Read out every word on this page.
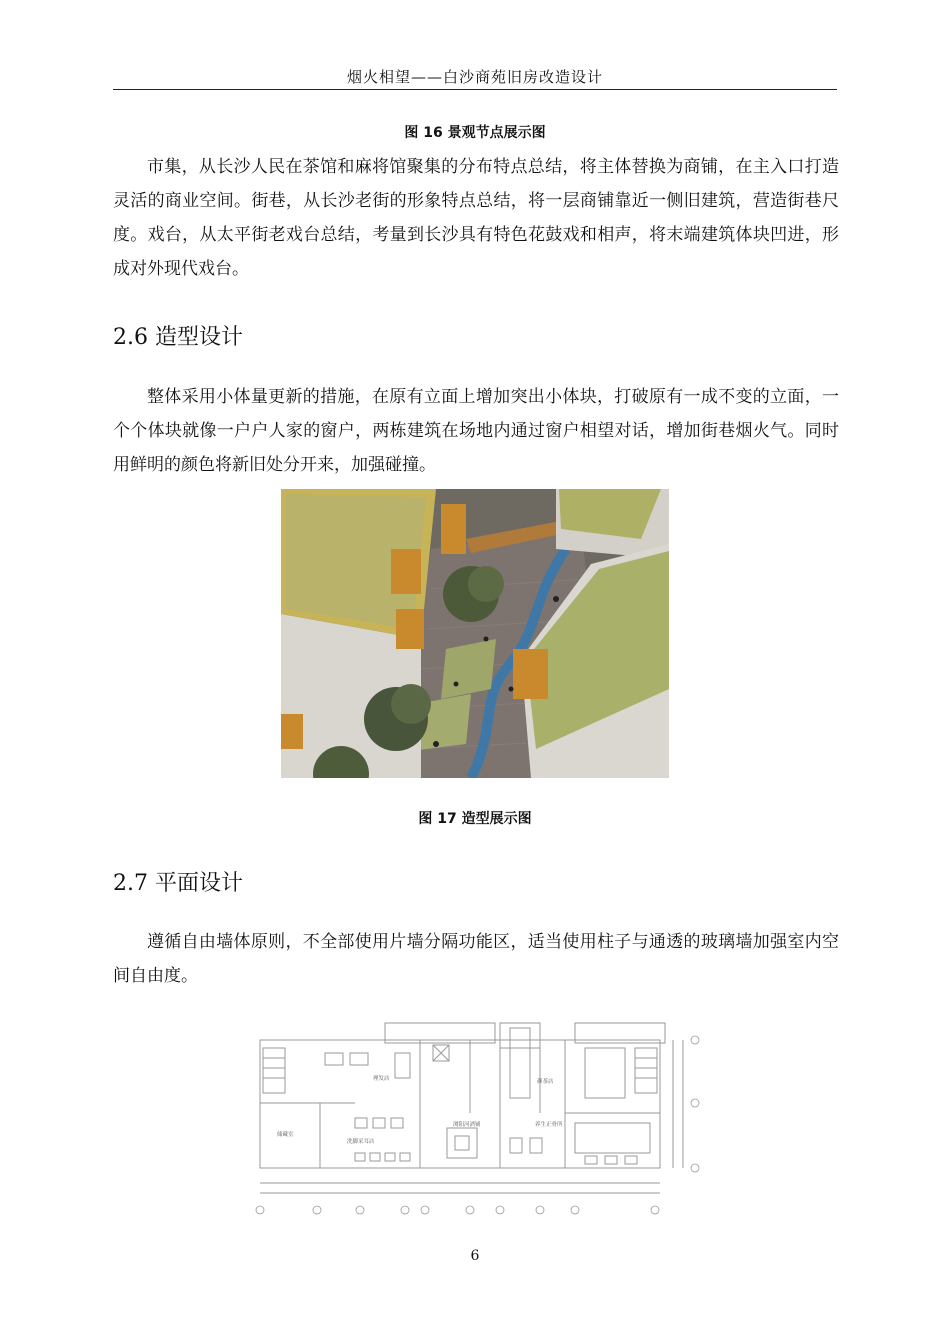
烟火相望——白沙商苑旧房改造设计
图 16 景观节点展示图

市集，从长沙人民在茶馆和麻将馆聚集的分布特点总结，将主体替换为商铺，在主入口打造灵活的商业空间。街巷，从长沙老街的形象特点总结，将一层商铺靠近一侧旧建筑，营造街巷尺度。戏台，从太平街老戏台总结，考量到长沙具有特色花鼓戏和相声，将末端建筑体块凹进，形成对外现代戏台。

2.6 造型设计

整体采用小体量更新的措施，在原有立面上增加突出小体块，打破原有一成不变的立面，一个个体块就像一户户人家的窗户，两栋建筑在场地内通过窗户相望对话，增加街巷烟火气。同时用鲜明的颜色将新旧处分开来，加强碰撞。

图 17 造型展示图
2.7 平面设计

遵循自由墙体原则，不全部使用片墙分隔功能区，适当使用柱子与通透的玻璃墙加强室内空间自由度。

理发店	颜茶店
储藏室
洗脚采耳店
浏阳河酒铺	养生正骨所
6
